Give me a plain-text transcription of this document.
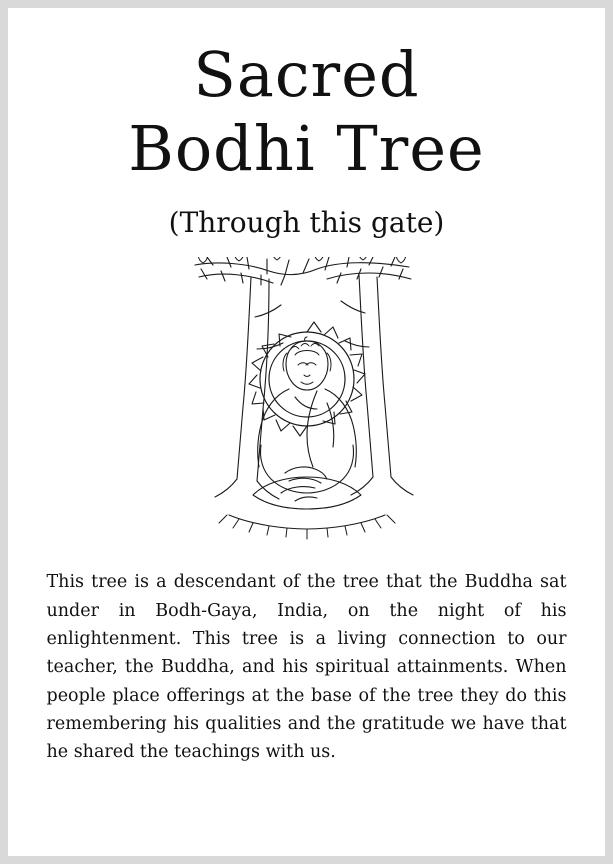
Sacred
Bodhi Tree
(Through this gate)
This tree is a descendant of the tree that the Buddha sat under in Bodh-Gaya, India, on the night of his enlightenment. This tree is a living connection to our teacher, the Buddha, and his spiritual attainments. When people place offerings at the base of the tree they do this remembering his qualities and the gratitude we have that he shared the teachings with us.
